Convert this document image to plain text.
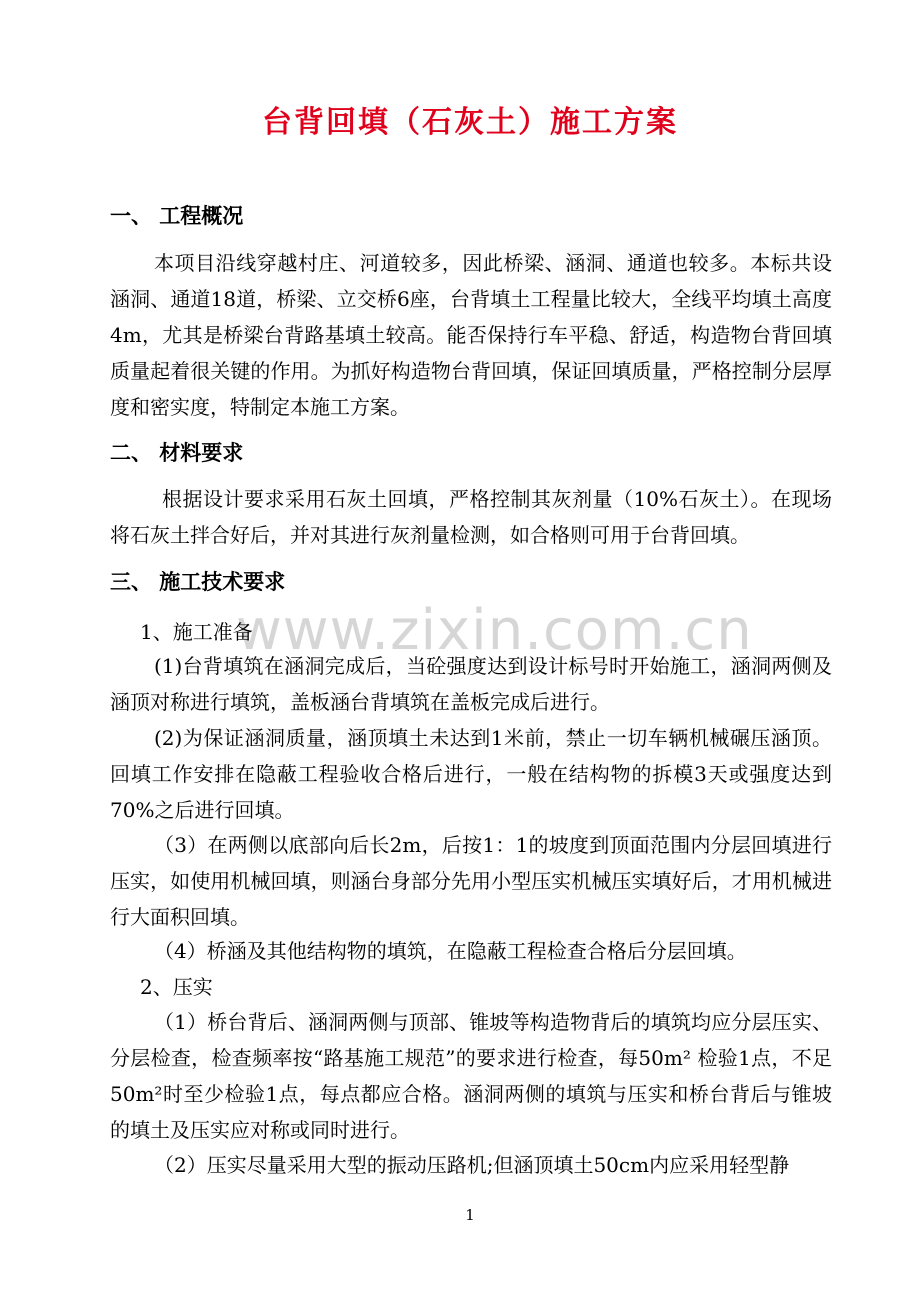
www.zixin.com.cn
台背回填（石灰土）施工方案
一、 工程概况

本项目沿线穿越村庄、河道较多，因此桥梁、涵洞、通道也较多。本标共设涵洞、通道18道，桥梁、立交桥6座，台背填土工程量比较大，全线平均填土高度4m，尤其是桥梁台背路基填土较高。能否保持行车平稳、舒适，构造物台背回填质量起着很关键的作用。为抓好构造物台背回填，保证回填质量，严格控制分层厚度和密实度，特制定本施工方案。

二、 材料要求

根据设计要求采用石灰土回填，严格控制其灰剂量（10%石灰土）。在现场将石灰土拌合好后，并对其进行灰剂量检测，如合格则可用于台背回填。

三、 施工技术要求
1、施工准备

(1)台背填筑在涵洞完成后，当砼强度达到设计标号时开始施工，涵洞两侧及涵顶对称进行填筑，盖板涵台背填筑在盖板完成后进行。

(2)为保证涵洞质量，涵顶填土未达到1米前，禁止一切车辆机械碾压涵顶。回填工作安排在隐蔽工程验收合格后进行，一般在结构物的拆模3天或强度达到70%之后进行回填。

（3）在两侧以底部向后长2m，后按1：1的坡度到顶面范围内分层回填进行压实，如使用机械回填，则涵台身部分先用小型压实机械压实填好后，才用机械进行大面积回填。

（4）桥涵及其他结构物的填筑，在隐蔽工程检查合格后分层回填。

2、压实

（1）桥台背后、涵洞两侧与顶部、锥坡等构造物背后的填筑均应分层压实、分层检查，检查频率按“路基施工规范”的要求进行检查，每50m² 检验1点，不足50m²时至少检验1点，每点都应合格。涵洞两侧的填筑与压实和桥台背后与锥坡的填土及压实应对称或同时进行。

（2）压实尽量采用大型的振动压路机;但涵顶填土50cm内应采用轻型静

1
